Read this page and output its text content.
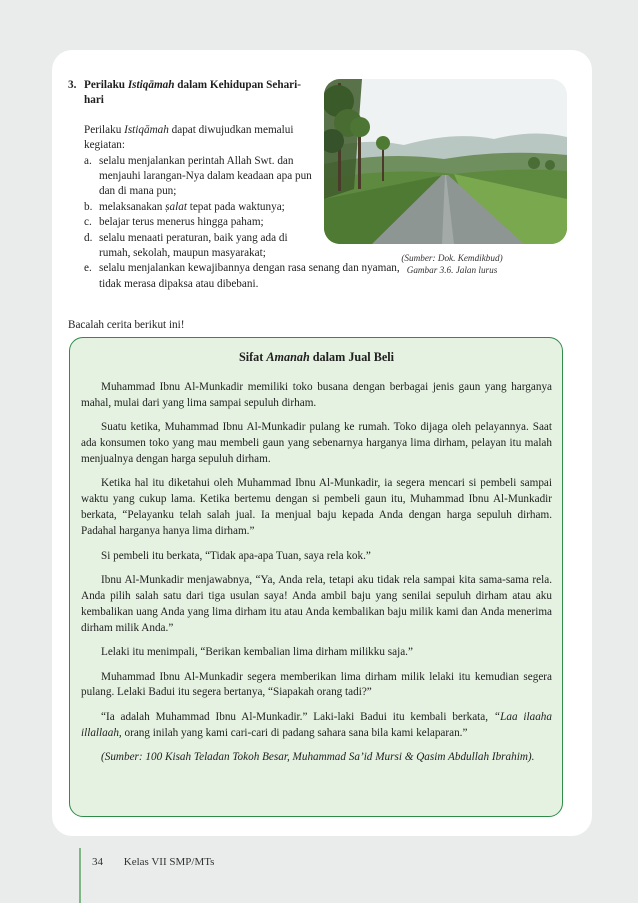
3. Perilaku Istiqāmah dalam Kehidupan Sehari-hari
Perilaku Istiqāmah dapat diwujudkan memalui kegiatan:
a. selalu menjalankan perintah Allah Swt. dan menjauhi larangan-Nya dalam keadaan apa pun dan di mana pun;
b. melaksanakan ṣalat tepat pada waktunya;
c. belajar terus menerus hingga paham;
d. selalu menaati peraturan, baik yang ada di rumah, sekolah, maupun masyarakat;
e. selalu menjalankan kewajibannya dengan rasa senang dan nyaman, tidak merasa dipaksa atau dibebani.
(Sumber: Dok. Kemdikbud)
Gambar 3.6. Jalan lurus
Bacalah cerita berikut ini!
Sifat Amanah dalam Jual Beli

Muhammad Ibnu Al-Munkadir memiliki toko busana dengan berbagai jenis gaun yang harganya mahal, mulai dari yang lima sampai sepuluh dirham.

Suatu ketika, Muhammad Ibnu Al-Munkadir pulang ke rumah. Toko dijaga oleh pelayannya. Saat ada konsumen toko yang mau membeli gaun yang sebenarnya harganya lima dirham, pelayan itu malah menjualnya dengan harga sepuluh dirham.

Ketika hal itu diketahui oleh Muhammad Ibnu Al-Munkadir, ia segera mencari si pembeli sampai waktu yang cukup lama. Ketika bertemu dengan si pembeli gaun itu, Muhammad Ibnu Al-Munkadir berkata, “Pelayanku telah salah jual. Ia menjual baju kepada Anda dengan harga sepuluh dirham. Padahal harganya hanya lima dirham.”

Si pembeli itu berkata, “Tidak apa-apa Tuan, saya rela kok.”

Ibnu Al-Munkadir menjawabnya, “Ya, Anda rela, tetapi aku tidak rela sampai kita sama-sama rela. Anda pilih salah satu dari tiga usulan saya! Anda ambil baju yang senilai sepuluh dirham atau aku kembalikan uang Anda yang lima dirham itu atau Anda kembalikan baju milik kami dan Anda menerima dirham milik Anda.”

Lelaki itu menimpali, “Berikan kembalian lima dirham milikku saja.”

Muhammad Ibnu Al-Munkadir segera memberikan lima dirham milik lelaki itu kemudian segera pulang. Lelaki Badui itu segera bertanya, “Siapakah orang tadi?”

“Ia adalah Muhammad Ibnu Al-Munkadir.” Laki-laki Badui itu kembali berkata, “Laa ilaaha illallaah, orang inilah yang kami cari-cari di padang sahara sana bila kami kelaparan.”

(Sumber: 100 Kisah Teladan Tokoh Besar, Muhammad Sa’id Mursi & Qasim Abdullah Ibrahim).

34 Kelas VII SMP/MTs
